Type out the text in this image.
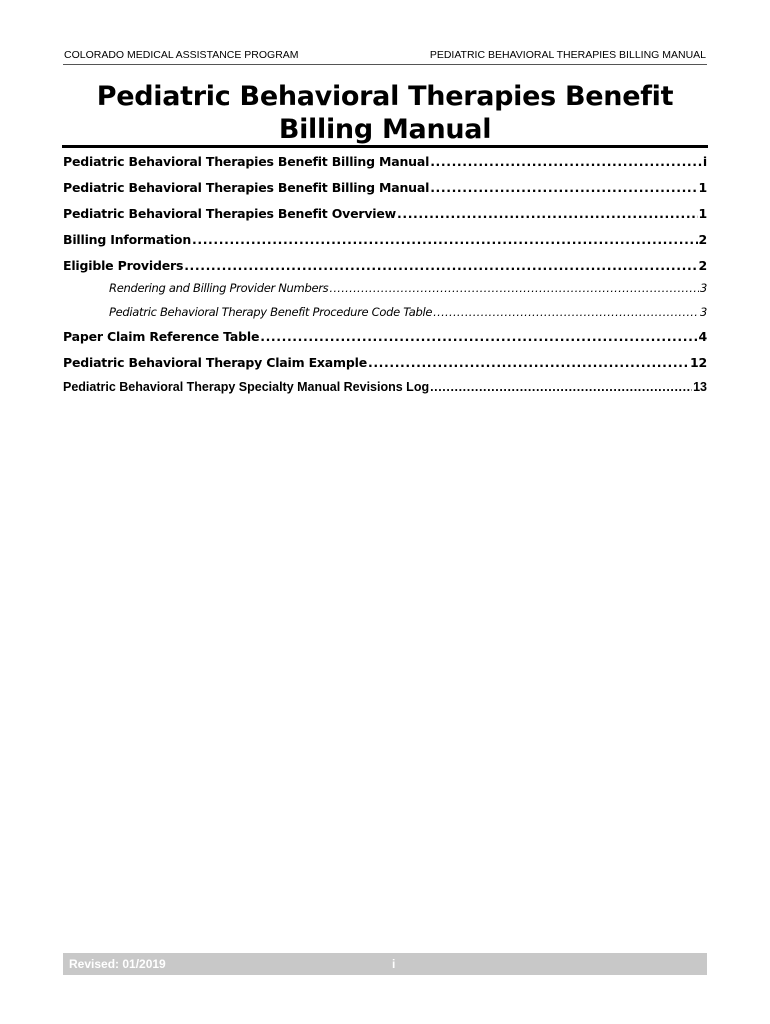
COLORADO MEDICAL ASSISTANCE PROGRAM	PEDIATRIC BEHAVIORAL THERAPIES BILLING MANUAL
Pediatric Behavioral Therapies Benefit
Billing Manual
Pediatric Behavioral Therapies Benefit Billing Manual .....	i
Pediatric Behavioral Therapies Benefit Billing Manual .....	1
Pediatric Behavioral Therapies Benefit Overview .....	1
Billing Information .....	2
Eligible Providers .....	2
Rendering and Billing Provider Numbers .....	3
Pediatric Behavioral Therapy Benefit Procedure Code Table .....	3
Paper Claim Reference Table .....	4
Pediatric Behavioral Therapy Claim Example .....	12
Pediatric Behavioral Therapy Specialty Manual Revisions Log .....	13
Revised: 01/2019	i
